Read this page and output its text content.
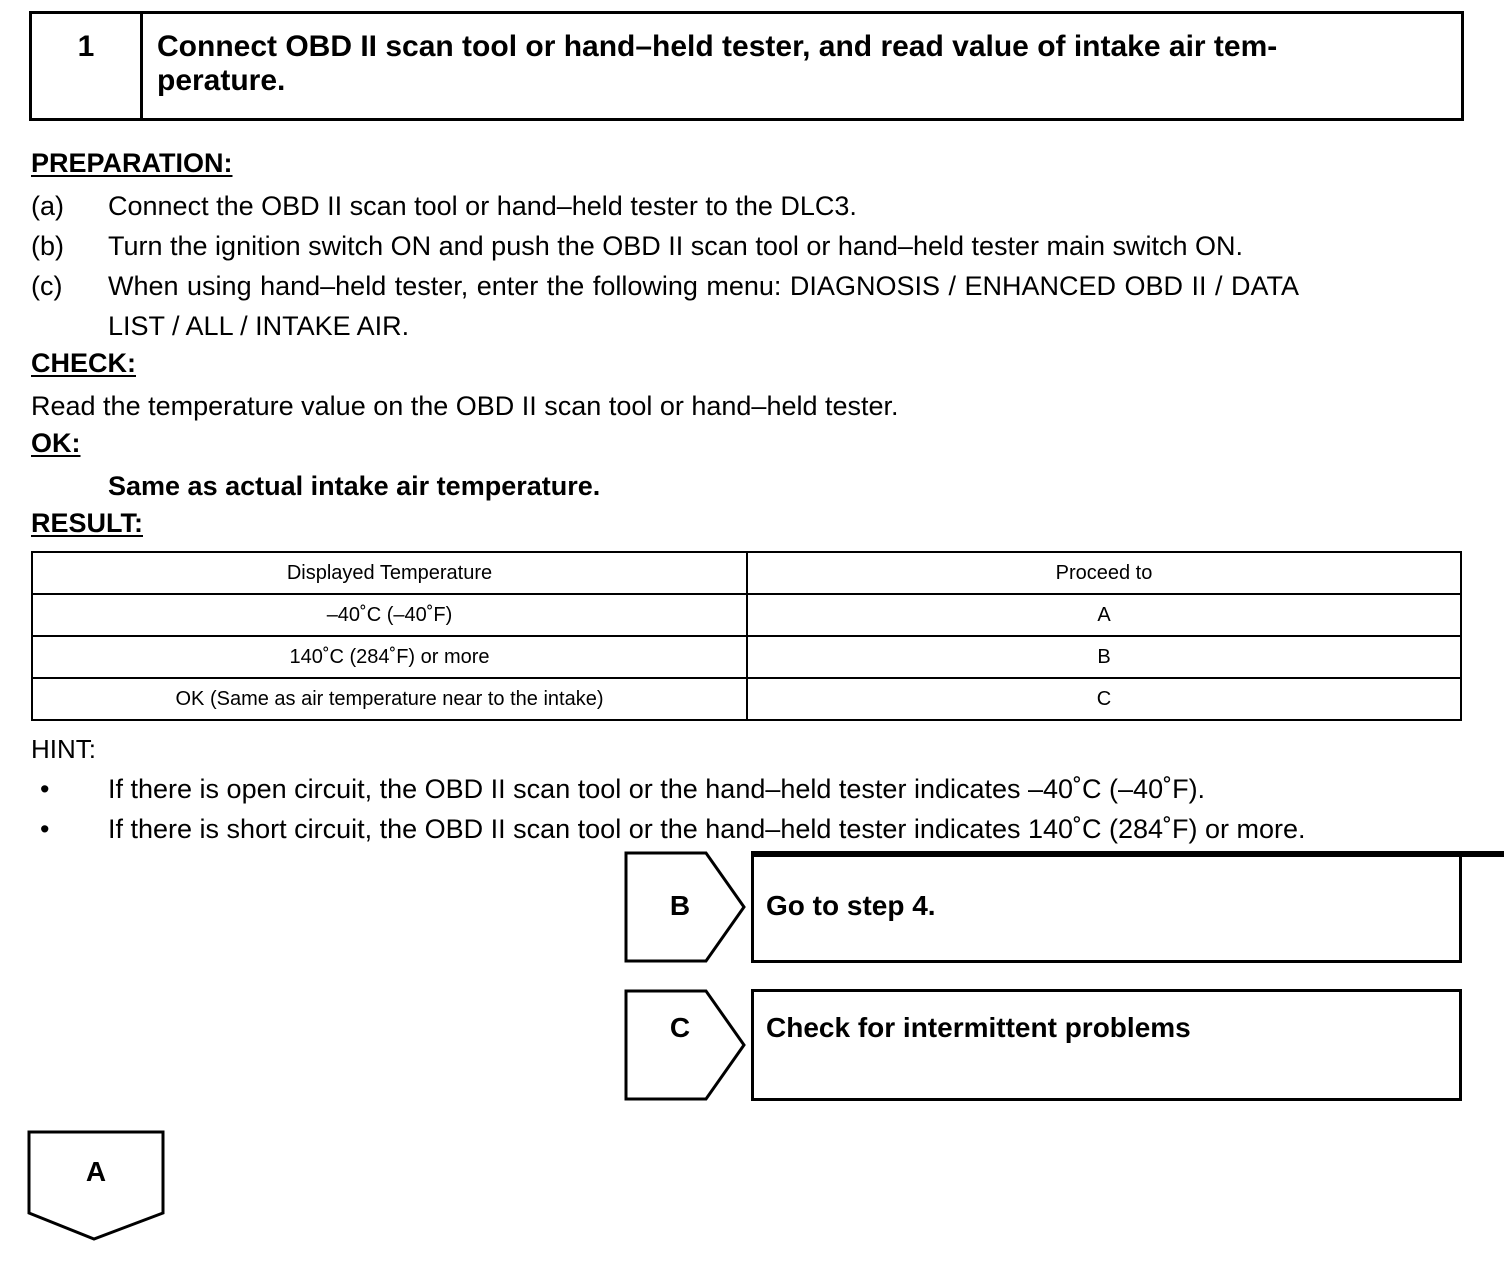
1	Connect OBD II scan tool or hand–held tester, and read value of intake air tem-
perature.
PREPARATION:
(a) Connect the OBD II scan tool or hand–held tester to the DLC3.
(b) Turn the ignition switch ON and push the OBD II scan tool or hand–held tester main switch ON.
(c) When using hand–held tester, enter the following menu: DIAGNOSIS / ENHANCED OBD II / DATA
LIST / ALL / INTAKE AIR.
CHECK:
Read the temperature value on the OBD II scan tool or hand–held tester.
OK:
Same as actual intake air temperature.
RESULT:
Displayed Temperature	Proceed to
–40˚C (–40˚F)	A
140˚C (284˚F) or more	B
OK (Same as air temperature near to the intake)	C
HINT:
• If there is open circuit, the OBD II scan tool or the hand–held tester indicates –40˚C (–40˚F).
• If there is short circuit, the OBD II scan tool or the hand–held tester indicates 140˚C (284˚F) or more.
B	Go to step 4.
C	Check for intermittent problems
A
